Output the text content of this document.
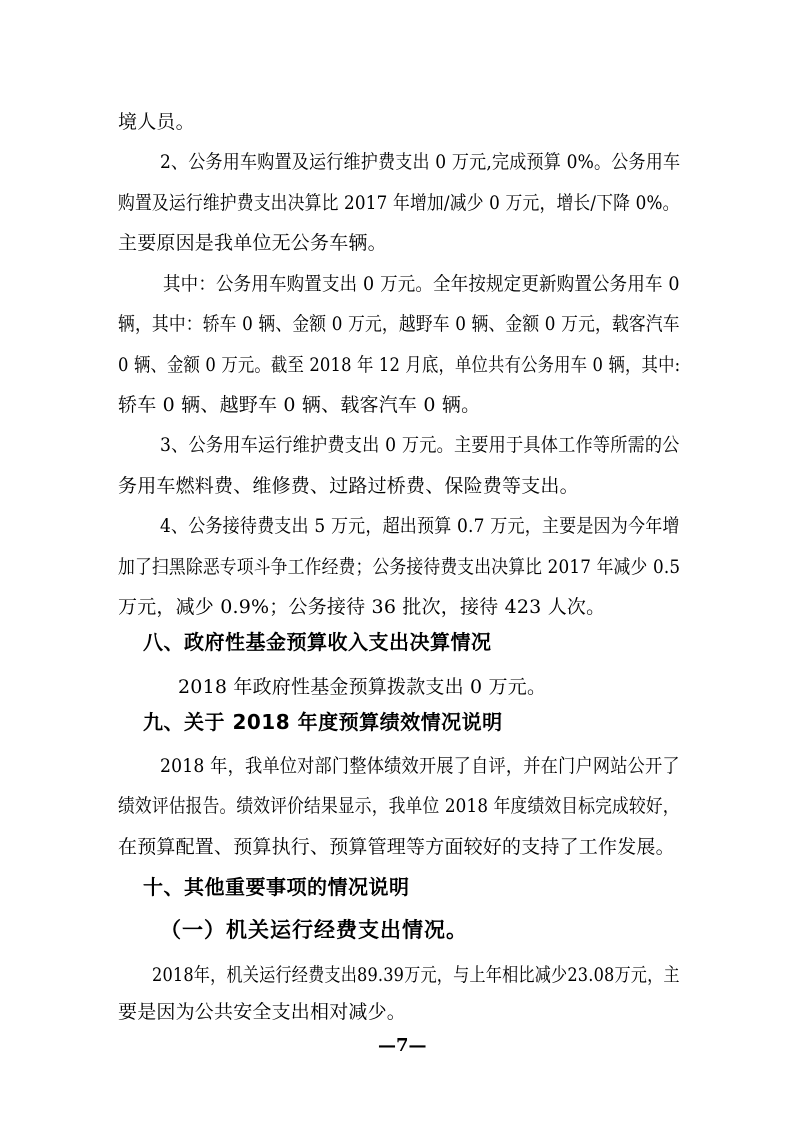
境人员。
2、公务用车购置及运行维护费支出 0 万元,完成预算 0%。公务用车
购置及运行维护费支出决算比 2017 年增加/减少 0 万元，增长/下降 0%。
主要原因是我单位无公务车辆。
其中：公务用车购置支出 0 万元。全年按规定更新购置公务用车 0
辆，其中：轿车 0 辆、金额 0 万元，越野车 0 辆、金额 0 万元，载客汽车
0 辆、金额 0 万元。截至 2018 年 12 月底，单位共有公务用车 0 辆，其中:
轿车 0 辆、越野车 0 辆、载客汽车 0 辆。
3、公务用车运行维护费支出 0 万元。主要用于具体工作等所需的公
务用车燃料费、维修费、过路过桥费、保险费等支出。
4、公务接待费支出 5 万元，超出预算 0.7 万元，主要是因为今年增
加了扫黑除恶专项斗争工作经费；公务接待费支出决算比 2017 年减少 0.5
万元，减少 0.9%；公务接待 36 批次，接待 423 人次。
八、政府性基金预算收入支出决算情况
2018 年政府性基金预算拨款支出 0 万元。
九、关于 2018 年度预算绩效情况说明
2018 年，我单位对部门整体绩效开展了自评，并在门户网站公开了
绩效评估报告。绩效评价结果显示，我单位 2018 年度绩效目标完成较好，
在预算配置、预算执行、预算管理等方面较好的支持了工作发展。
十、其他重要事项的情况说明
（一）机关运行经费支出情况。
2018年，机关运行经费支出89.39万元，与上年相比减少23.08万元，主
要是因为公共安全支出相对减少。
—7—
